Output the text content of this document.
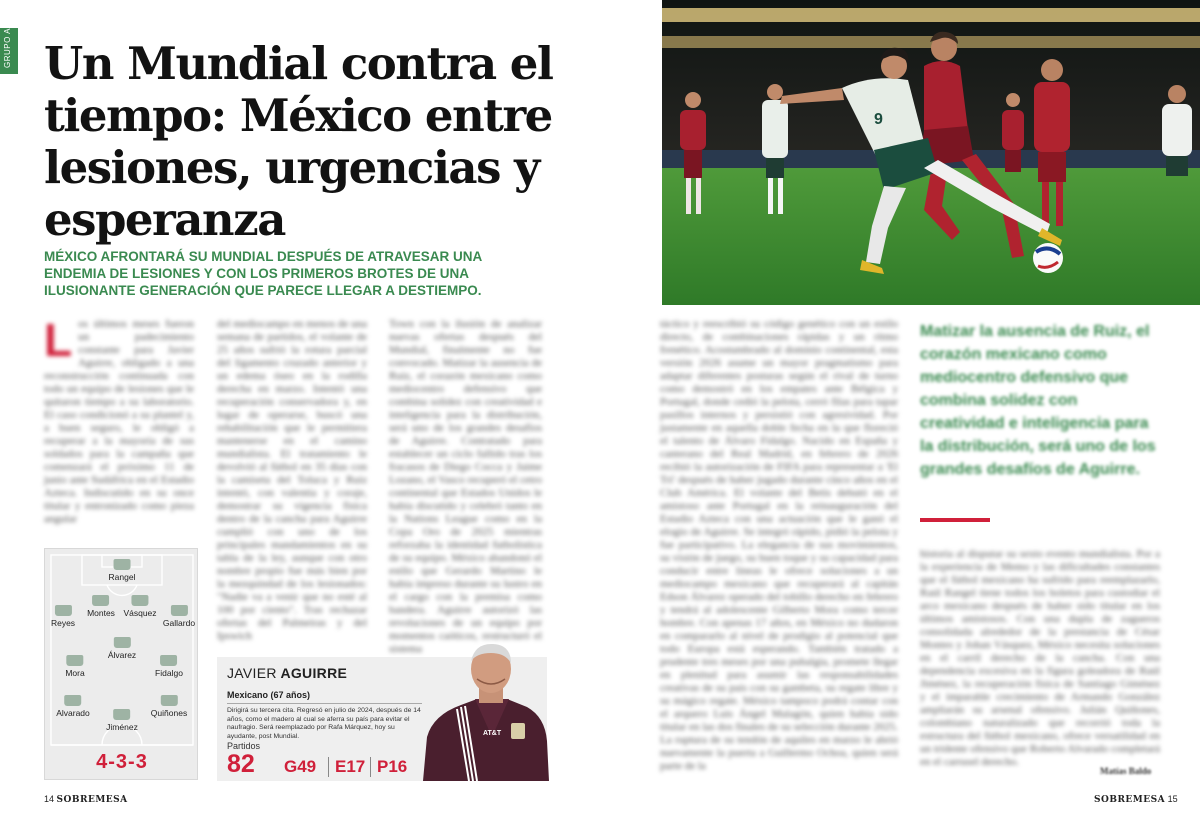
GRUPO A Un Mundial contra el tiempo: México entre lesiones, urgencias y esperanza

MÉXICO AFRONTARÁ SU MUNDIAL DESPUÉS DE ATRAVESAR UNA ENDEMIA DE LESIONES Y CON LOS PRIMEROS BROTES DE UNA ILUSIONANTE GENERACIÓN QUE PARECE LLEGAR A DESTIEMPO.

Los últimos meses fueron un padecimiento constante para Javier Aguirre, obligado a una reconstrucción continuada con todo un equipo de lesiones que le quitaron tiempo a su laboratorio. El caso condicionó a su plantel y, a buen seguro, le obligó a recuperar a la mayoría de sus soldados para la campaña que comenzará el próximo 11 de junio ante Sudáfrica en el Estadio Azteca. Indiscutido en su once titular y entronizado como pieza angular
del mediocampo en menos de una semana de partidos, el volante de 25 años sufrió la rotura parcial del ligamento cruzado anterior y un edema óseo en la rodilla derecha en marzo. Intentó una recuperación conservadora y, en lugar de operarse, buscó una rehabilitación que le permitiera mantenerse en el camino mundialista. El tratamiento le devolvió al fútbol en 35 días con la camiseta del Toluca y Ruiz intentó, con valentía y coraje, demostrar su vigencia física dentro de la cancha para Aguirre cumplió con uno de los principales mandamientos en su tabla de la ley, aunque con otro nombre propio fue más bien por la mezquindad de los lesionados: "Nadie va a venir que no esté al 100 por ciento". Tras rechazar ofertas del Palmeiras y del Ipswich
Town con la ilusión de analizar nuevas ofertas después del Mundial, finalmente no fue convocado. Matizar la ausencia de Ruiz, el corazón mexicano como mediocentro defensivo que combina solidez con creatividad e inteligencia para la distribución, será uno de los grandes desafíos de Aguirre. Contratado para establecer un ciclo fallido tras los fracasos de Diego Cocca y Jaime Lozano, el Vasco recuperó el cetro continental que Estados Unidos le había discutido y celebró tanto en la Nations League como en la Copa Oro de 2025 mientras reforzaba la identidad futbolística de su equipo. México abandonó el estilo que Gerardo Martino le había impreso durante su lustro en el cargo con la premisa como bandera. Aguirre autorizó las revoluciones de un equipo por momentos caóticos, restructuró el sistema
Rangel
Montes Vásquez
Reyes	Gallardo
Álvarez
Mora	Fidalgo
Alvarado	Quiñones
Jiménez
4-3-3
JAVIER AGUIRRE
Mexicano (67 años)
Dirigirá su tercera cita. Regresó en julio de 2024, después de 14 años, como el madero al cual se aferra su país para evitar el naufragio. Será reemplazado por Rafa Márquez, hoy su ayudante, post Mundial.
Partidos
82 G49 E17 P16
AT&T
14 SOBREMESA
9
táctico y reescribió su código genético con un estilo directo, de combinaciones rápidas y un ritmo frenético. Acostumbrado al dominio continental, esta versión 2026 asume un mayor pragmatismo para adaptar diferentes posturas según el rival de turno como demostró en los empates ante Bélgica y Portugal, donde cedió la pelota, cerró filas para tapar pasillos internos y persistió con agresividad. Por justamente en aquella doble fecha en la que floreció el talento de Álvaro Fidalgo. Nacido en España y canterano del Real Madrid, en febrero de 2026 recibió la autorización de FIFA para representar a 'El Tri' después de haber jugado durante cinco años en el Club América. El volante del Betis debutó en el amistoso ante Portugal en la reinauguración del Estadio Azteca con una actuación que le ganó el elogio de Aguirre. Se integró rápido, pidió la pelota y fue participativo. La elegancia de sus movimientos, su visión de juego, su buen toque y su capacidad para conducir entre líneas le ofrece soluciones a un mediocampo mexicano que recuperará al capitán Edson Álvarez operado del tobillo derecho en febrero y tendrá al adolescente Gilberto Mora como tercer hombre. Con apenas 17 años, en México no dudaron en compararlo al nivel de prodigio al potencial que todo Europa está esperando. También tratado a prudente tres meses por una pubalgia, promete llegar en plenitud para asumir las responsabilidades creativas de su país con su gambeta, su regate libre y su mágico regate. México tampoco podrá contar con el arquero Luis Ángel Malagón, quien había sido titular en las dos finales de su selección durante 2025. La ruptura de su tendón de aquiles en marzo le abrió nuevamente la puerta a Guillermo Ochoa, quien será parte de la
Matizar la ausencia de Ruiz, el corazón mexicano como mediocentro defensivo que combina solidez con creatividad e inteligencia para la distribución, será uno de los grandes desafíos de Aguirre.
historia al disputar su sexto evento mundialista. Por a la experiencia de Memo y las dificultades constantes que el fútbol mexicano ha sufrido para reemplazarlo, Raúl Rangel tiene todos los boletos para custodiar el arco mexicano después de haber sido titular en los últimos amistosos. Con una dupla de zagueros consolidada alrededor de la prestancia de César Montes y Johan Vásquez, México necesita soluciones en el carril derecho de la cancha. Con una dependencia excesiva en la figura goleadora de Raúl Jiménez, la recuperación física de Santiago Giménez y el imparable crecimiento de Armando González ampliarán su arsenal ofensivo. Julián Quiñones, colombiano naturalizado que recorrió toda la estructura del fútbol mexicano, ofrece versatilidad en un tridente ofensivo que Roberto Alvarado completará en el carrusel derecho.
Matías Baldo
SOBREMESA 15
